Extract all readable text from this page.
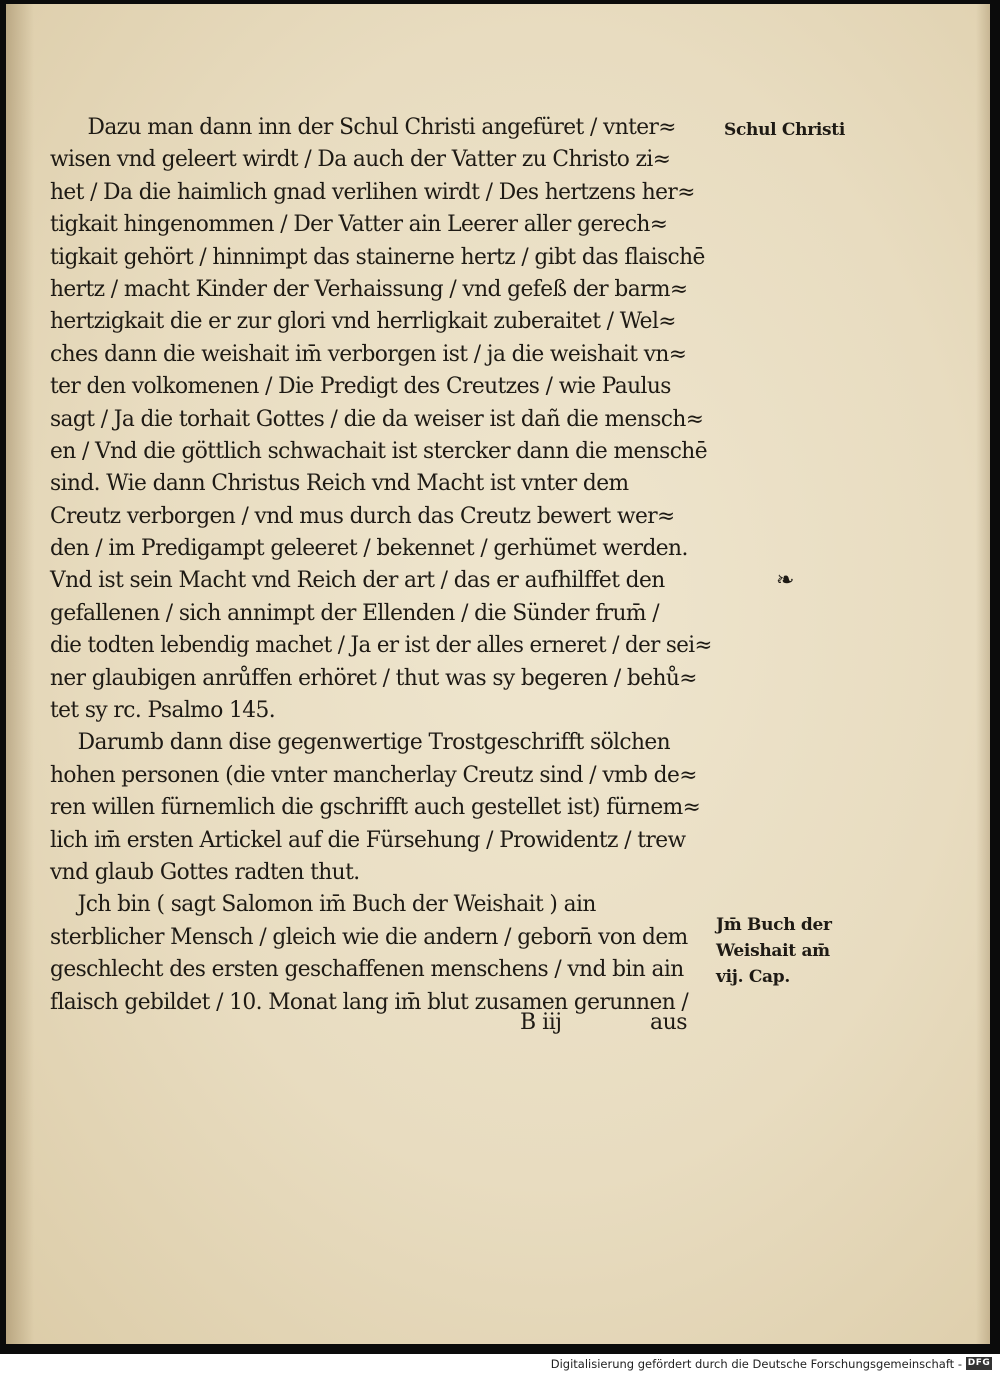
Dazu man dann inn der Schul Christi angefüret / vnter≈
wisen vnd geleert wirdt / Da auch der Vatter zu Christo zi≈
het / Da die haimlich gnad verlihen wirdt / Des hertzens her≈
tigkait hingenommen / Der Vatter ain Leerer aller gerech≈
tigkait gehört / hinnimpt das stainerne hertz / gibt das flaischē
hertz / macht Kinder der Verhaissung / vnd gefeß der barm≈
hertzigkait die er zur glori vnd herrligkait zuberaitet / Wel≈
ches dann die weishait im̄ verborgen ist / ja die weishait vn≈
ter den volkomenen / Die Predigt des Creutzes / wie Paulus
sagt / Ja die torhait Gottes / die da weiser ist dañ die mensch≈
en / Vnd die göttlich schwachait ist stercker dann die menschē
sind. Wie dann Christus Reich vnd Macht ist vnter dem
Creutz verborgen / vnd mus durch das Creutz bewert wer≈
den / im Predigampt geleeret / bekennet / gerhümet werden.
Vnd ist sein Macht vnd Reich der art / das er aufhilffet den
gefallenen / sich annimpt der Ellenden / die Sünder frum̄ /
die todten lebendig machet / Ja er ist der alles erneret / der sei≈
ner glaubigen anrůffen erhöret / thut was sy begeren / behů≈
tet sy rc. Psalmo 145.
Darumb dann dise gegenwertige Trostgeschrifft sölchen
hohen personen (die vnter mancherlay Creutz sind / vmb de≈
ren willen fürnemlich die gschrifft auch gestellet ist) fürnem≈
lich im̄ ersten Artickel auf die Fürsehung / Prowidentz / trew
vnd glaub Gottes radten thut.
Jch bin ( sagt Salomon im̄ Buch der Weishait ) ain
sterblicher Mensch / gleich wie die andern / geborn̄ von dem
geschlecht des ersten geschaffenen menschens / vnd bin ain
flaisch gebildet / 10. Monat lang im̄ blut zusamen gerunnen /
B iij	aus
Schul Christi
Jm̄ Buch der
Weishait am̄
vij. Cap.
❧
Digitalisierung gefördert durch die Deutsche Forschungsgemeinschaft - DFG
